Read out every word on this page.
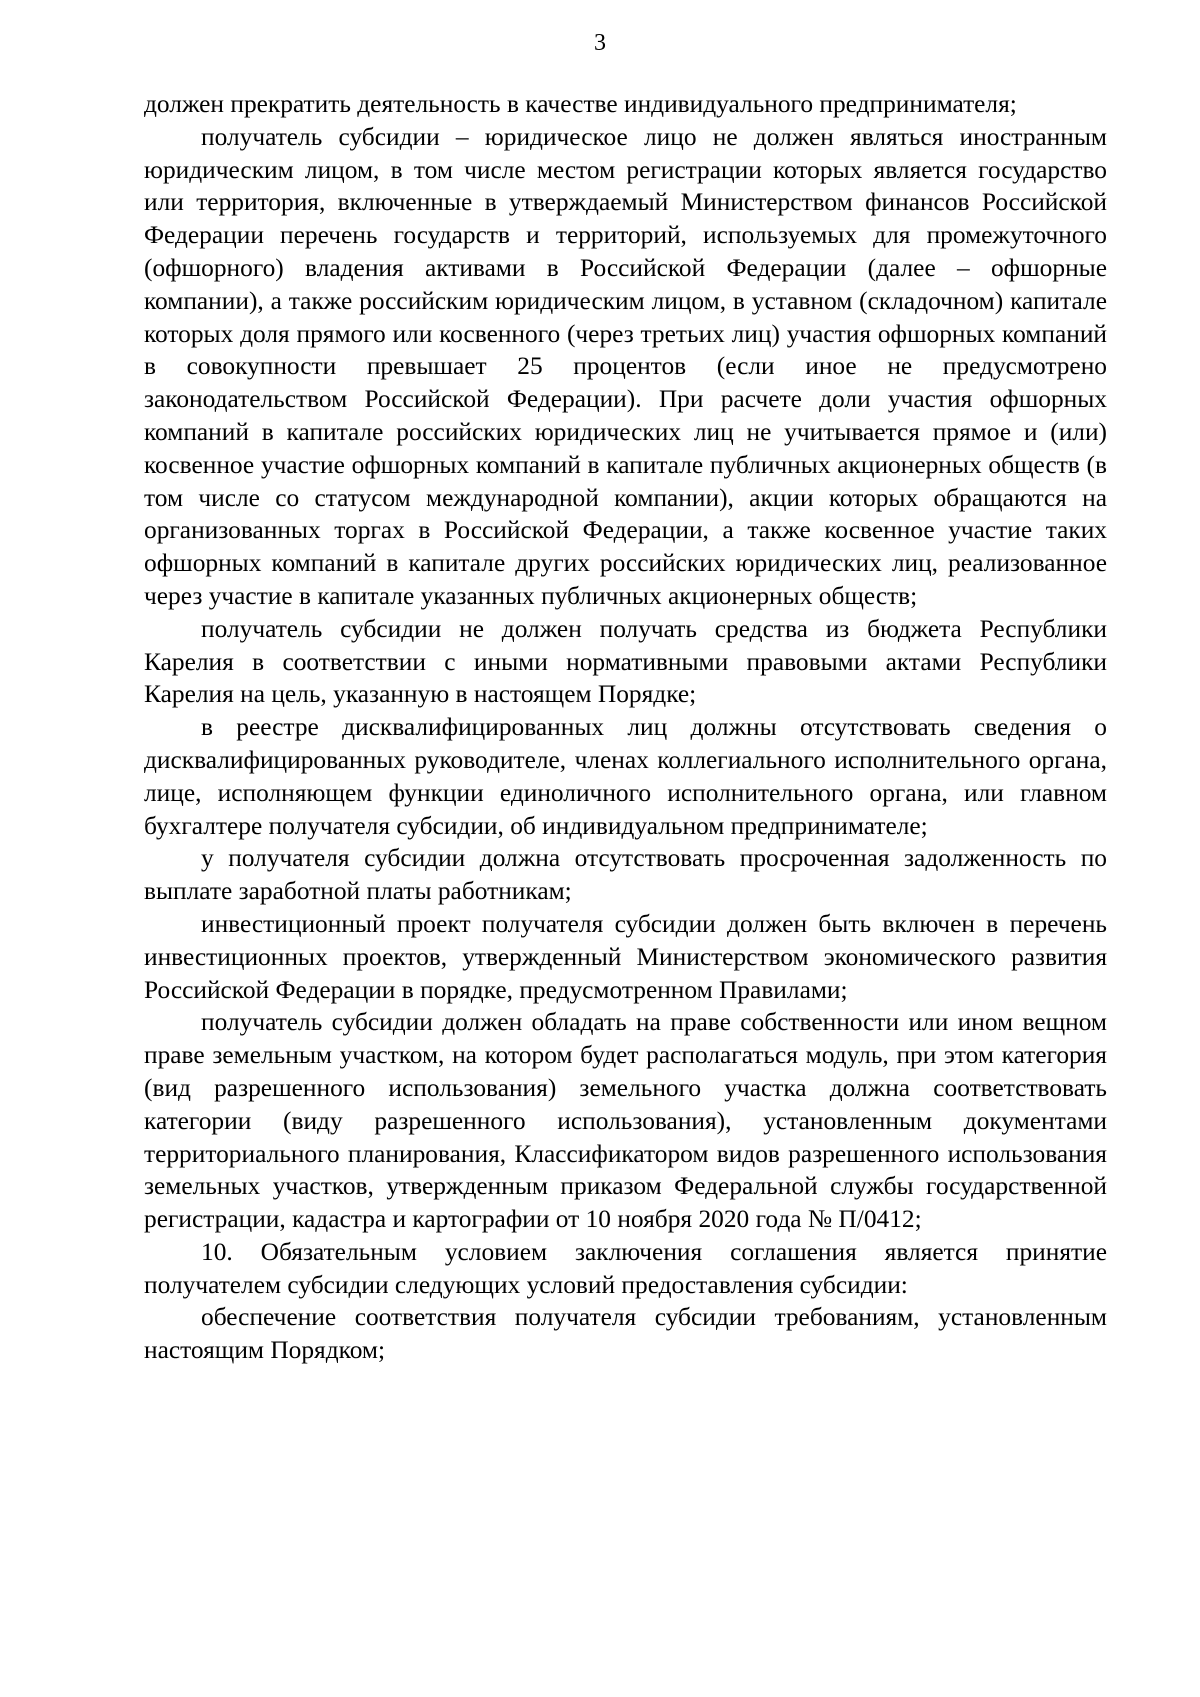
3

должен прекратить деятельность в качестве индивидуального предпринимателя;

получатель субсидии – юридическое лицо не должен являться иностранным юридическим лицом, в том числе местом регистрации которых является государство или территория, включенные в утверждаемый Министерством финансов Российской Федерации перечень государств и территорий, используемых для промежуточного (офшорного) владения активами в Российской Федерации (далее – офшорные компании), а также российским юридическим лицом, в уставном (складочном) капитале которых доля прямого или косвенного (через третьих лиц) участия офшорных компаний в совокупности превышает 25 процентов (если иное не предусмотрено законодательством Российской Федерации). При расчете доли участия офшорных компаний в капитале российских юридических лиц не учитывается прямое и (или) косвенное участие офшорных компаний в капитале публичных акционерных обществ (в том числе со статусом международной компании), акции которых обращаются на организованных торгах в Российской Федерации, а также косвенное участие таких офшорных компаний в капитале других российских юридических лиц, реализованное через участие в капитале указанных публичных акционерных обществ;

получатель субсидии не должен получать средства из бюджета Республики Карелия в соответствии с иными нормативными правовыми актами Республики Карелия на цель, указанную в настоящем Порядке;

в реестре дисквалифицированных лиц должны отсутствовать сведения о дисквалифицированных руководителе, членах коллегиального исполнительного органа, лице, исполняющем функции единоличного исполнительного органа, или главном бухгалтере получателя субсидии, об индивидуальном предпринимателе;

у получателя субсидии должна отсутствовать просроченная задолженность по выплате заработной платы работникам;

инвестиционный проект получателя субсидии должен быть включен в перечень инвестиционных проектов, утвержденный Министерством экономического развития Российской Федерации в порядке, предусмотренном Правилами;

получатель субсидии должен обладать на праве собственности или ином вещном праве земельным участком, на котором будет располагаться модуль, при этом категория (вид разрешенного использования) земельного участка должна соответствовать категории (виду разрешенного использования), установленным документами территориального планирования, Классификатором видов разрешенного использования земельных участков, утвержденным приказом Федеральной службы государственной регистрации, кадастра и картографии от 10 ноября 2020 года № П/0412;

10. Обязательным условием заключения соглашения является принятие получателем субсидии следующих условий предоставления субсидии:

обеспечение соответствия получателя субсидии требованиям, установленным настоящим Порядком;
